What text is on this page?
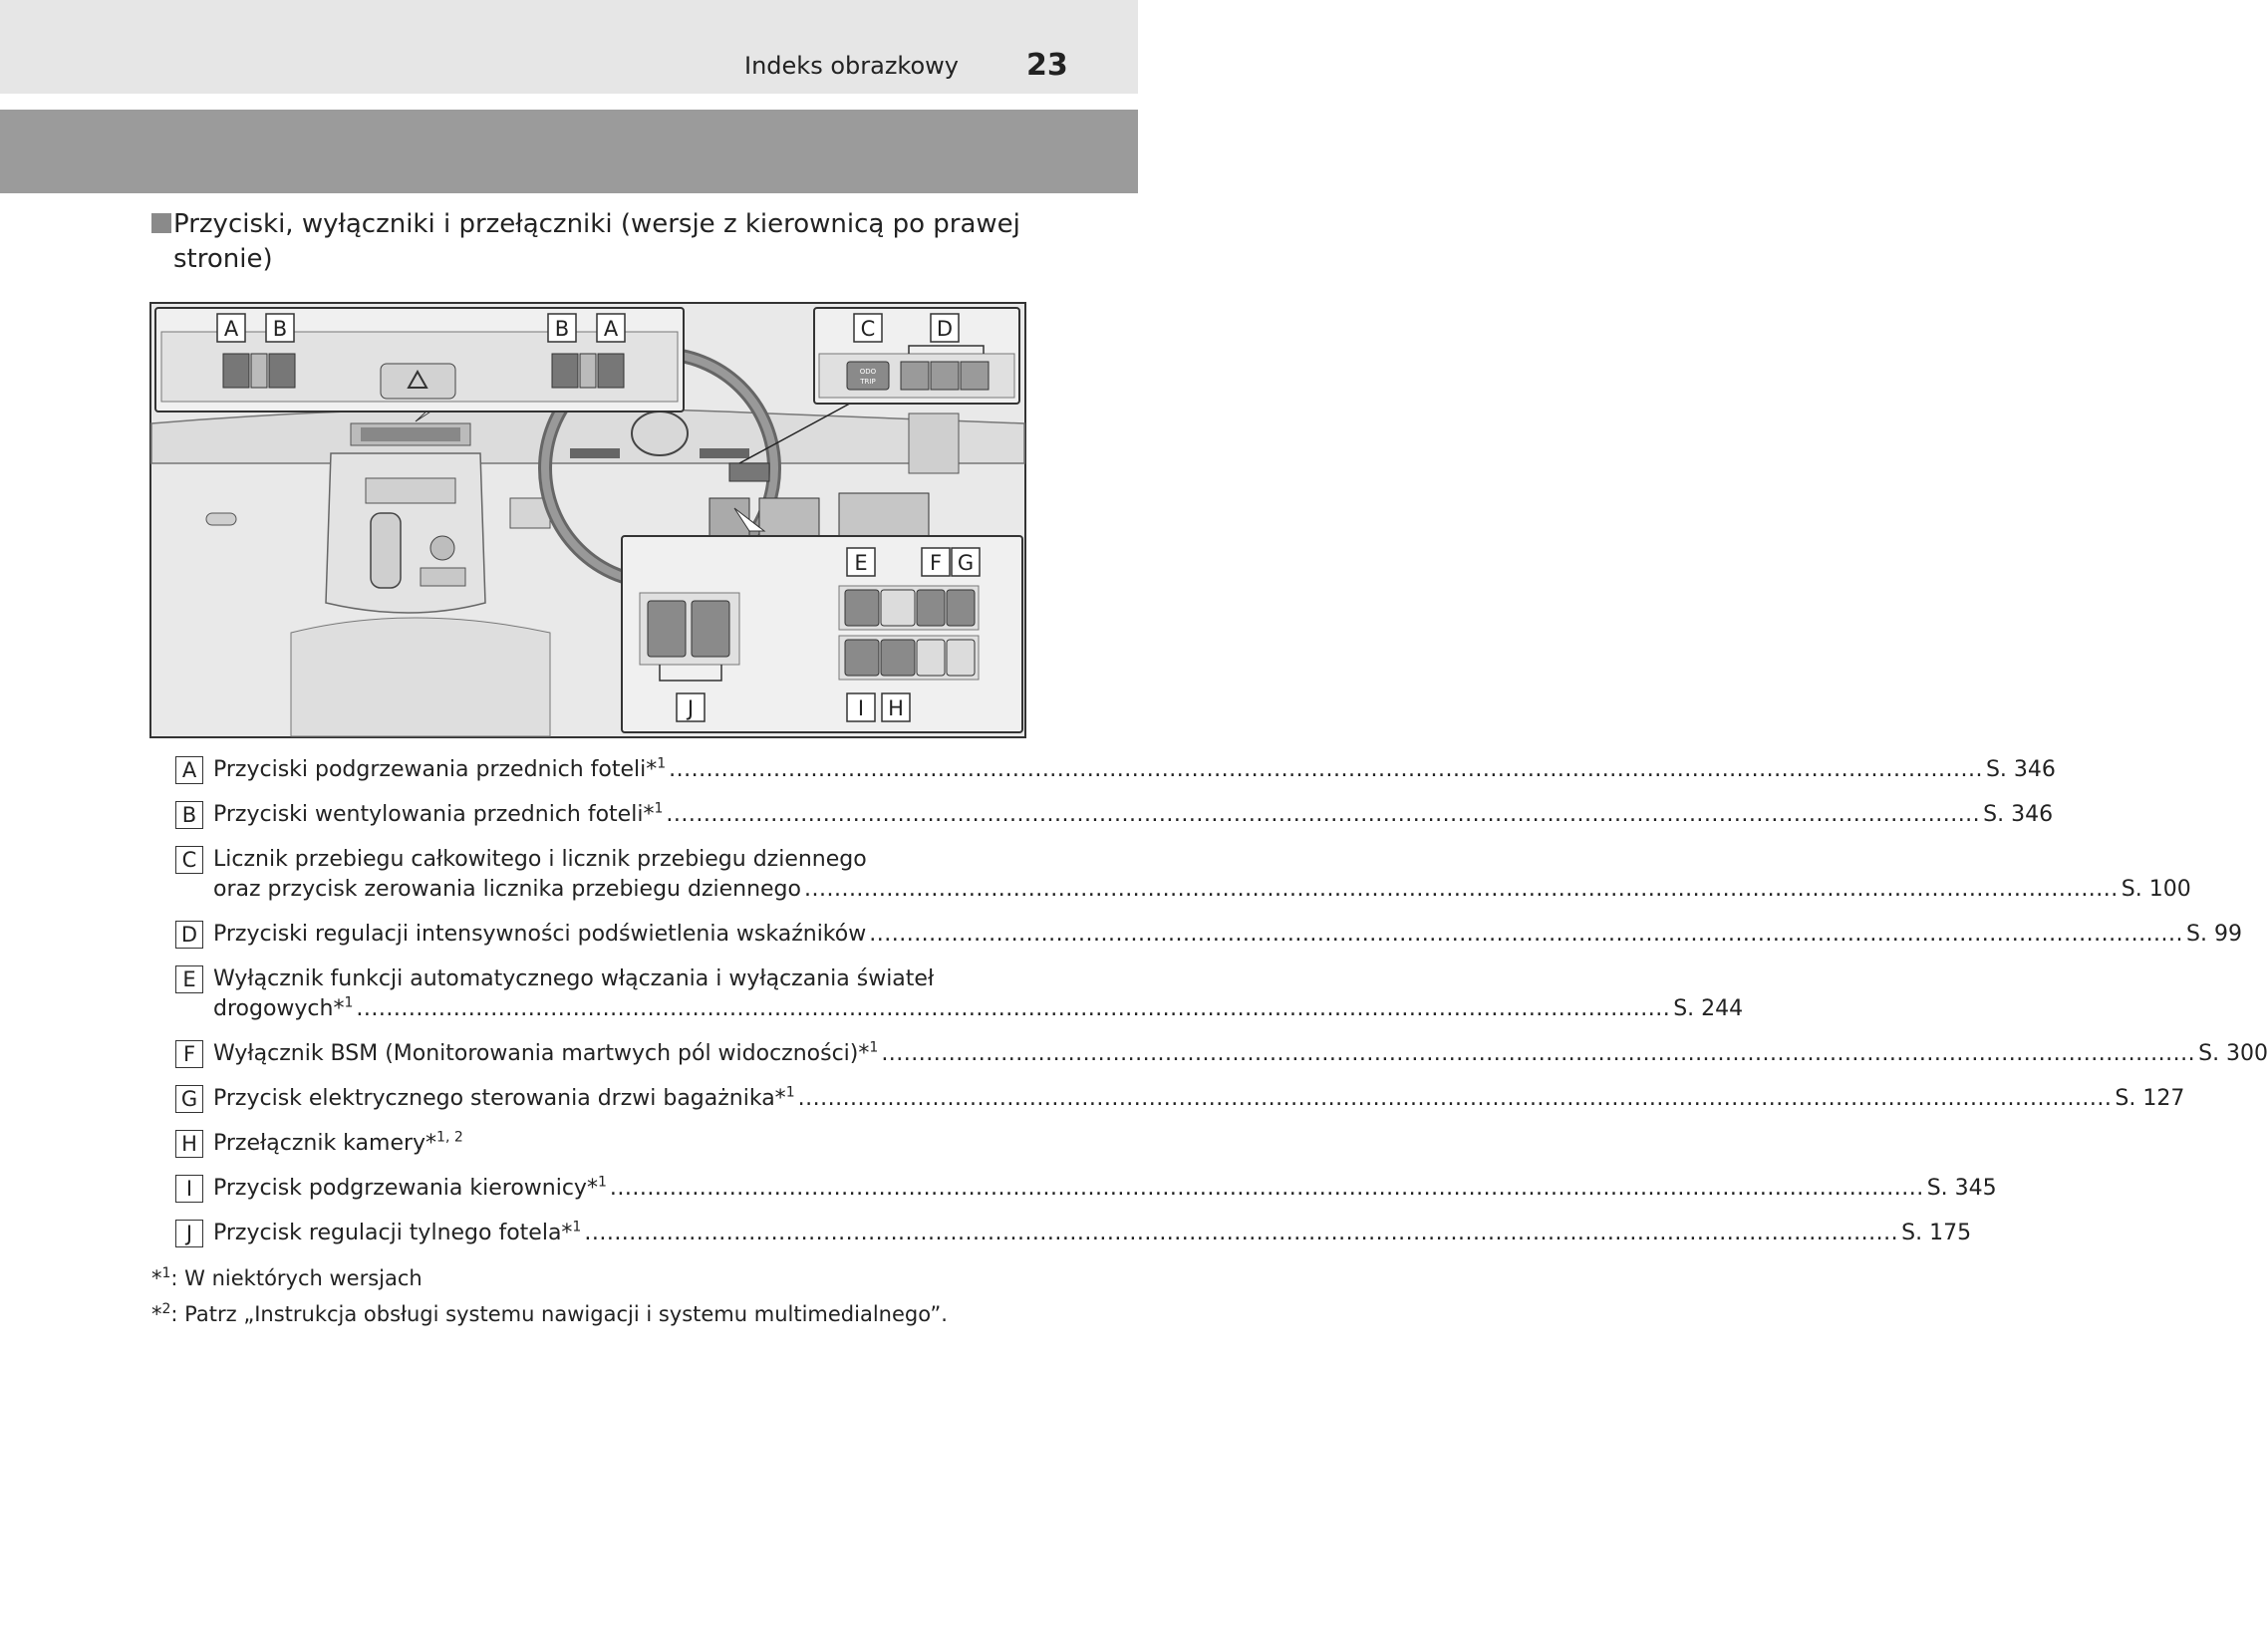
Indeks obrazkowy 23
Przyciski, wyłączniki i przełączniki (wersje z kierownicą po prawej
stronie)
A B	B A
ODO
TRIP
C	D
E	F G
I H
J
A Przyciski podgrzewania przednich foteli*$^1$ .....	S. 346
B Przyciski wentylowania przednich foteli*$^1$ .....	S. 346
C Licznik przebiegu całkowitego i licznik przebiegu dziennego
oraz przycisk zerowania licznika przebiegu dziennego .....	S. 100
D Przyciski regulacji intensywności podświetlenia wskaźników .....	S. 99
E Wyłącznik funkcji automatycznego włączania i wyłączania świateł
drogowych*$^1$ .....	S. 244
F Wyłącznik BSM (Monitorowania martwych pól widoczności)*$^1$ .....	S. 300
G Przycisk elektrycznego sterowania drzwi bagażnika*$^1$ .....	S. 127
H Przełącznik kamery*$^{1, 2}$
I Przycisk podgrzewania kierownicy*$^1$ .....	S. 345
J Przycisk regulacji tylnego fotela*$^1$ .....	S. 175
*$^1$: W niektórych wersjach
*$^2$: Patrz „Instrukcja obsługi systemu nawigacji i systemu multimedialnego”.
